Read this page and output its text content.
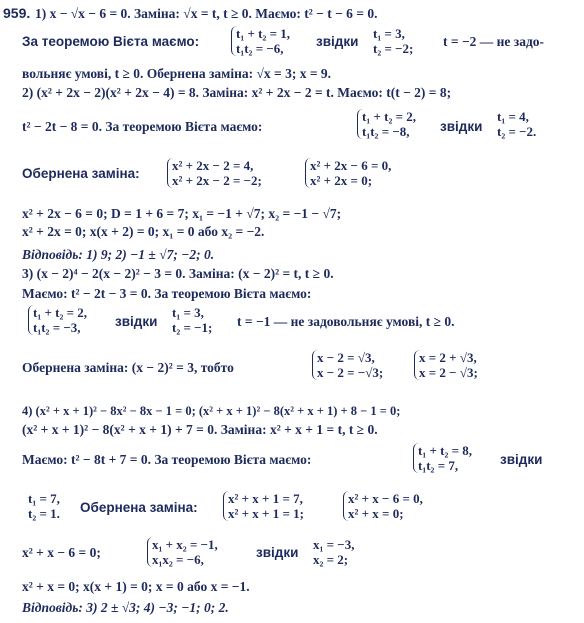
959. 1) x − √x − 6 = 0. Заміна: √x = t, t ≥ 0. Маємо: t² − t − 6 = 0.
За теоремою Вієта маємо:
t₁ + t₂ = 1,
t₁t₂ = −6,	звідки
t₁ = 3,
t₂ = −2; t = −2 — не задо-
вольняє умові, t ≥ 0. Обернена заміна: √x = 3; x = 9.
2) (x² + 2x − 2)(x² + 2x − 4) = 8. Заміна: x² + 2x − 2 = t. Маємо: t(t − 2) = 8;
t² − 2t − 8 = 0. За теоремою Вієта маємо:
t₁ + t₂ = 2,
t₁t₂ = −8,	звідки
t₁ = 4,
t₂ = −2.
Обернена заміна:
x² + 2x − 2 = 4,
x² + 2x − 2 = −2;
x² + 2x − 6 = 0,
x² + 2x = 0;
x² + 2x − 6 = 0; D = 1 + 6 = 7; x₁ = −1 + √7; x₂ = −1 − √7;
x² + 2x = 0; x(x + 2) = 0; x₁ = 0 або x₂ = −2.
Відповідь: 1) 9; 2) −1 ± √7; −2; 0.
3) (x − 2)⁴ − 2(x − 2)² − 3 = 0. Заміна: (x − 2)² = t, t ≥ 0.
Маємо: t² − 2t − 3 = 0. За теоремою Вієта маємо:
t₁ + t₂ = 2,
t₁t₂ = −3,	звідки
t₁ = 3,
t₂ = −1; t = −1 — не задовольняє умові, t ≥ 0.
Обернена заміна: (x − 2)² = 3, тобто
x − 2 = √3,
x − 2 = −√3;
x = 2 + √3,
x = 2 − √3;
4) (x² + x + 1)² − 8x² − 8x − 1 = 0; (x² + x + 1)² − 8(x² + x + 1) + 8 − 1 = 0;
(x² + x + 1)² − 8(x² + x + 1) + 7 = 0. Заміна: x² + x + 1 = t, t ≥ 0.
Маємо: t² − 8t + 7 = 0. За теоремою Вієта маємо:
t₁ + t₂ = 8,
t₁t₂ = 7,	звідки
t₁ = 7,
t₂ = 1. Обернена заміна:
x² + x + 1 = 7,
x² + x + 1 = 1;
x² + x − 6 = 0,
x² + x = 0;
x² + x − 6 = 0;
x₁ + x₂ = −1,
x₁x₂ = −6,	звідки
x₁ = −3,
x₂ = 2;
x² + x = 0; x(x + 1) = 0; x = 0 або x = −1.
Відповідь: 3) 2 ± √3; 4) −3; −1; 0; 2.
